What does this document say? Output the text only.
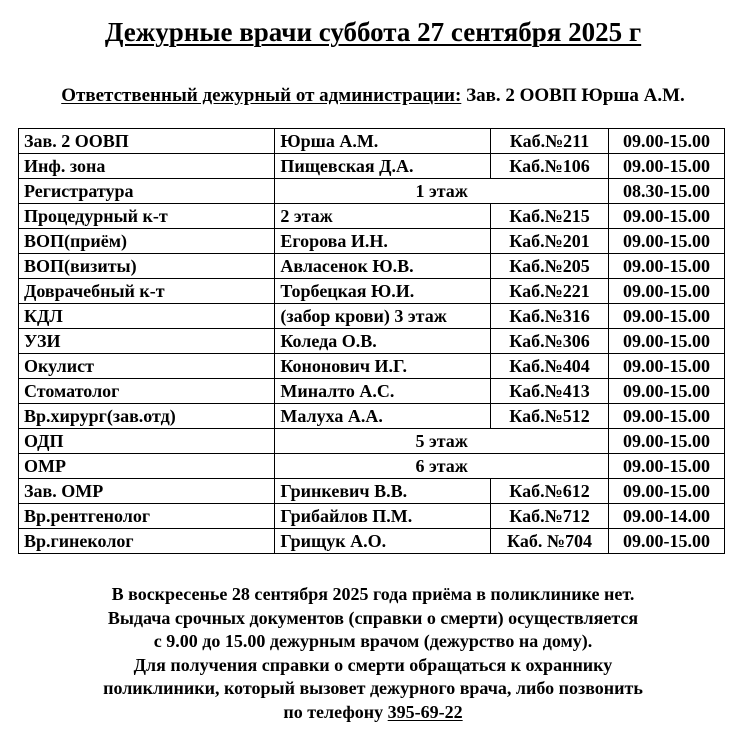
Дежурные врачи суббота 27 сентября 2025 г
Ответственный дежурный от администрации: Зав. 2 ООВП Юрша А.М.
Зав. 2 ООВП	Юрша А.М.	Каб.№211	09.00-15.00
Инф. зона	Пищевская Д.А.	Каб.№106	09.00-15.00
Регистратура	1 этаж		08.30-15.00
Процедурный к-т	2 этаж	Каб.№215	09.00-15.00
ВОП(приём)	Егорова И.Н.	Каб.№201	09.00-15.00
ВОП(визиты)	Авласенок Ю.В.	Каб.№205	09.00-15.00
Доврачебный к-т	Торбецкая Ю.И.	Каб.№221	09.00-15.00
КДЛ	(забор крови) 3 этаж	Каб.№316	09.00-15.00
УЗИ	Коледа О.В.	Каб.№306	09.00-15.00
Окулист	Кононович И.Г.	Каб.№404	09.00-15.00
Стоматолог	Миналто А.С.	Каб.№413	09.00-15.00
Вр.хирург(зав.отд)	Малуха А.А.	Каб.№512	09.00-15.00
ОДП	5 этаж		09.00-15.00
ОМР	6 этаж		09.00-15.00
Зав. ОМР	Гринкевич В.В.	Каб.№612	09.00-15.00
Вр.рентгенолог	Грибайлов П.М.	Каб.№712	09.00-14.00
Вр.гинеколог	Грищук А.О.	Каб. №704	09.00-15.00
В воскресенье 28 сентября 2025 года приёма в поликлинике нет.
Выдача срочных документов (справки о смерти) осуществляется
с 9.00 до 15.00 дежурным врачом (дежурство на дому).
Для получения справки о смерти обращаться к охраннику
поликлиники, который вызовет дежурного врача, либо позвонить
по телефону 395-69-22
